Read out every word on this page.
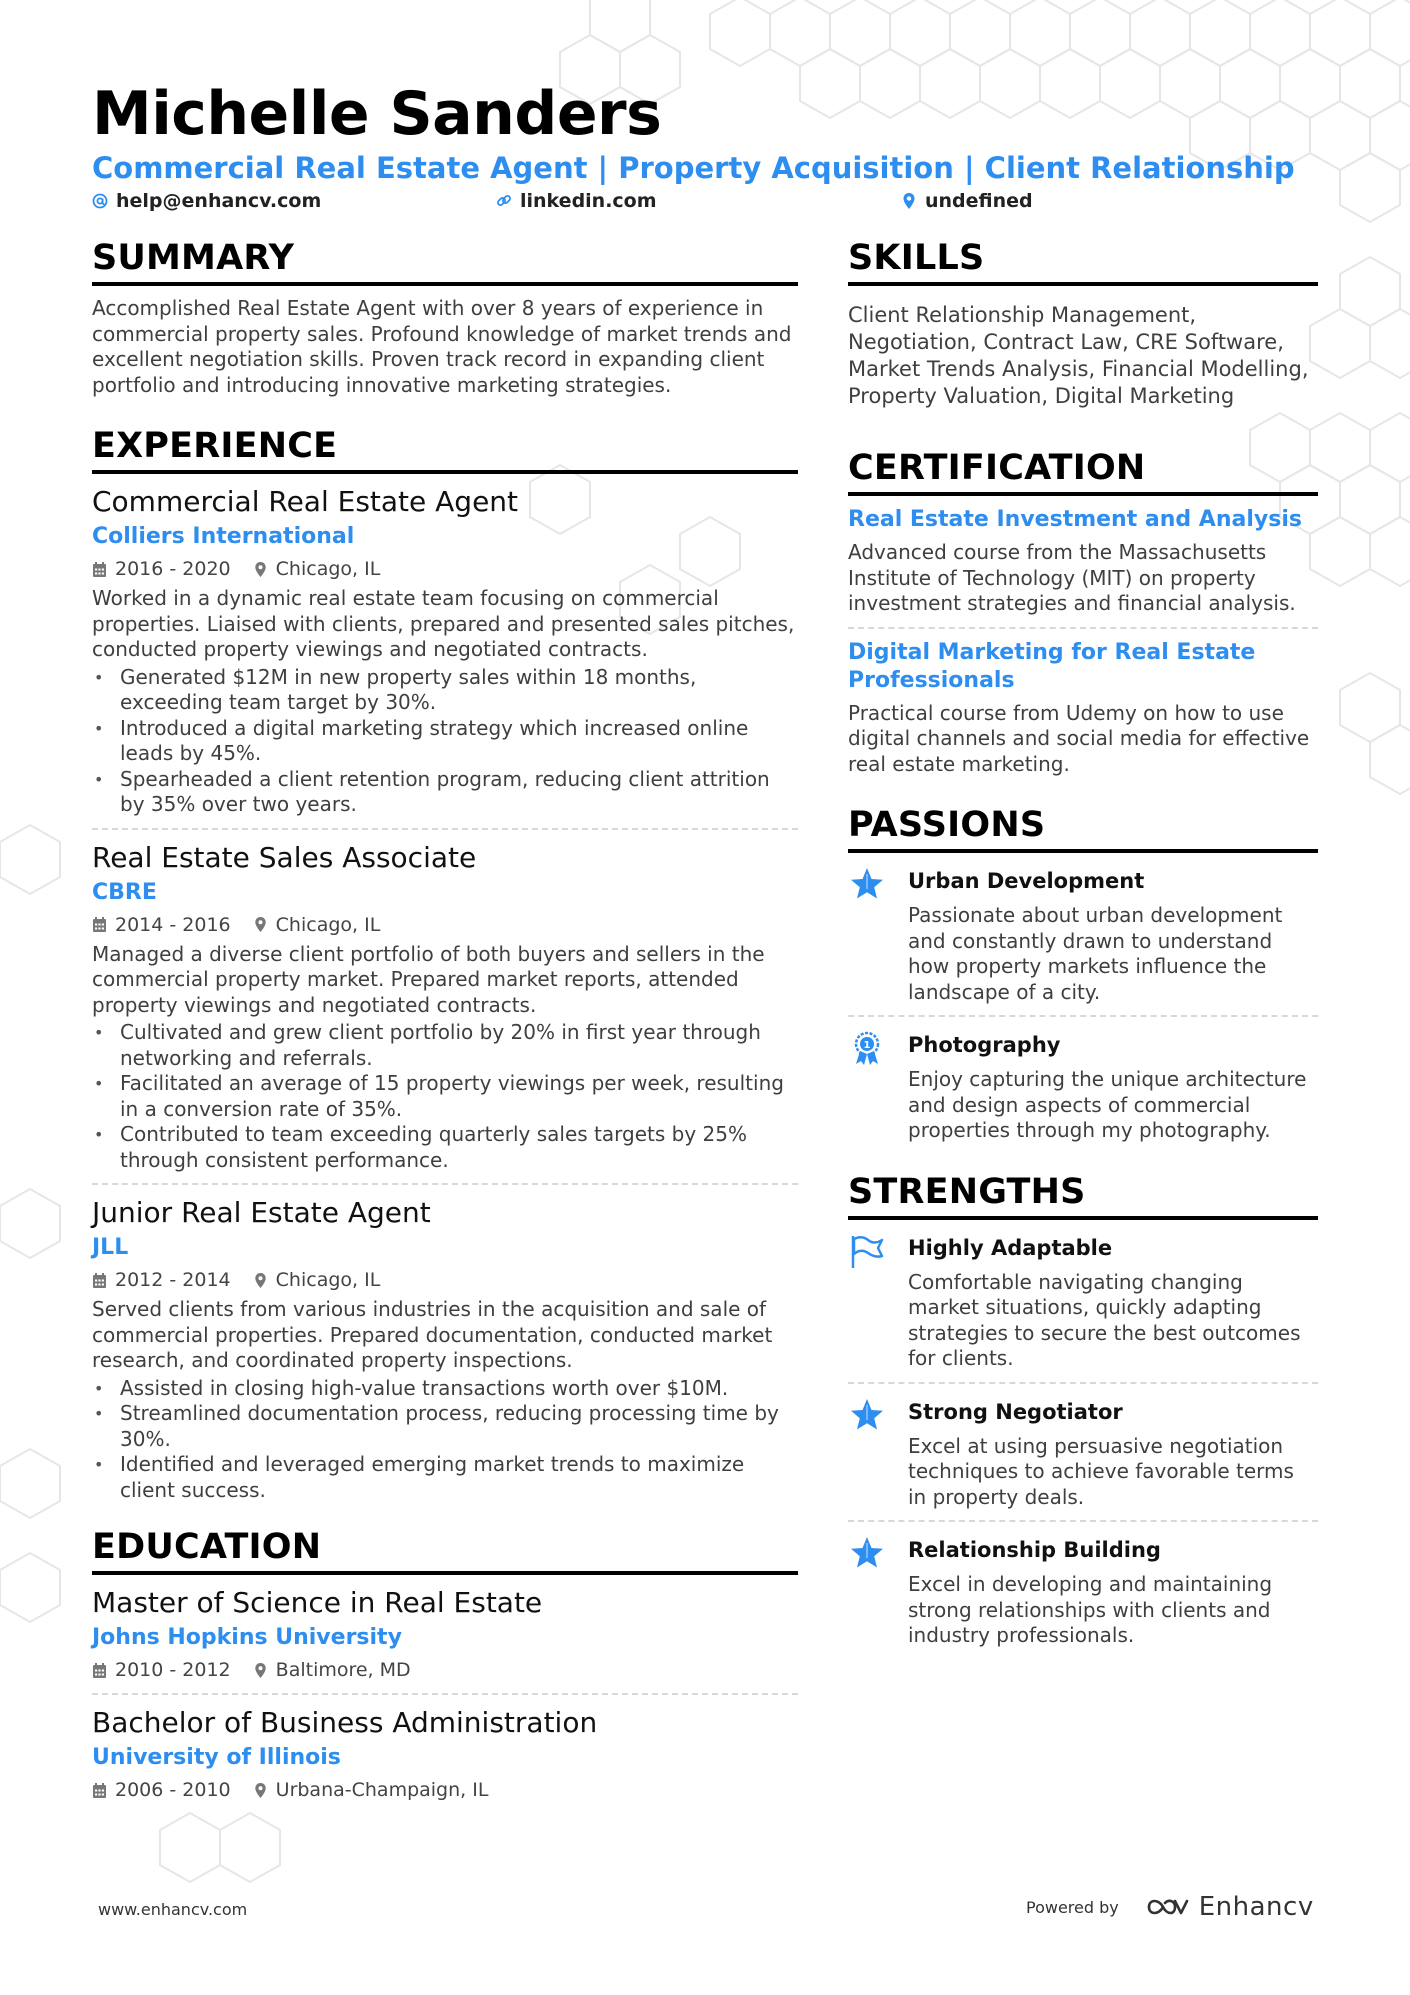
Michelle Sanders
Commercial Real Estate Agent | Property Acquisition | Client Relationship
help@enhancv.com	linkedin.com	undefined
SUMMARY
Accomplished Real Estate Agent with over 8 years of experience in commercial property sales. Profound knowledge of market trends and excellent negotiation skills. Proven track record in expanding client portfolio and introducing innovative marketing strategies.
EXPERIENCE
Commercial Real Estate Agent
Colliers International
2016 - 2020 Chicago, IL
Worked in a dynamic real estate team focusing on commercial properties. Liaised with clients, prepared and presented sales pitches, conducted property viewings and negotiated contracts.
• Generated $12M in new property sales within 18 months, exceeding team target by 30%.
• Introduced a digital marketing strategy which increased online leads by 45%.
• Spearheaded a client retention program, reducing client attrition by 35% over two years.
Real Estate Sales Associate
CBRE
2014 - 2016 Chicago, IL
Managed a diverse client portfolio of both buyers and sellers in the commercial property market. Prepared market reports, attended property viewings and negotiated contracts.
• Cultivated and grew client portfolio by 20% in first year through networking and referrals.
• Facilitated an average of 15 property viewings per week, resulting in a conversion rate of 35%.
• Contributed to team exceeding quarterly sales targets by 25% through consistent performance.
Junior Real Estate Agent
JLL
2012 - 2014 Chicago, IL
Served clients from various industries in the acquisition and sale of commercial properties. Prepared documentation, conducted market research, and coordinated property inspections.
• Assisted in closing high-value transactions worth over $10M.
• Streamlined documentation process, reducing processing time by 30%.
• Identified and leveraged emerging market trends to maximize client success.
EDUCATION
Master of Science in Real Estate
Johns Hopkins University
2010 - 2012 Baltimore, MD
Bachelor of Business Administration
University of Illinois
2006 - 2010 Urbana-Champaign, IL
SKILLS
Client Relationship Management, Negotiation, Contract Law, CRE Software, Market Trends Analysis, Financial Modelling, Property Valuation, Digital Marketing
CERTIFICATION
Real Estate Investment and Analysis
Advanced course from the Massachusetts Institute of Technology (MIT) on property investment strategies and financial analysis.
Digital Marketing for Real Estate Professionals
Practical course from Udemy on how to use digital channels and social media for effective real estate marketing.
PASSIONS
Urban Development
Passionate about urban development and constantly drawn to understand how property markets influence the landscape of a city.
1 Photography
Enjoy capturing the unique architecture and design aspects of commercial properties through my photography.
STRENGTHS
Highly Adaptable
Comfortable navigating changing market situations, quickly adapting strategies to secure the best outcomes for clients.
Strong Negotiator
Excel at using persuasive negotiation techniques to achieve favorable terms in property deals.
Relationship Building
Excel in developing and maintaining strong relationships with clients and industry professionals.
www.enhancv.com	Powered by	Enhancv
